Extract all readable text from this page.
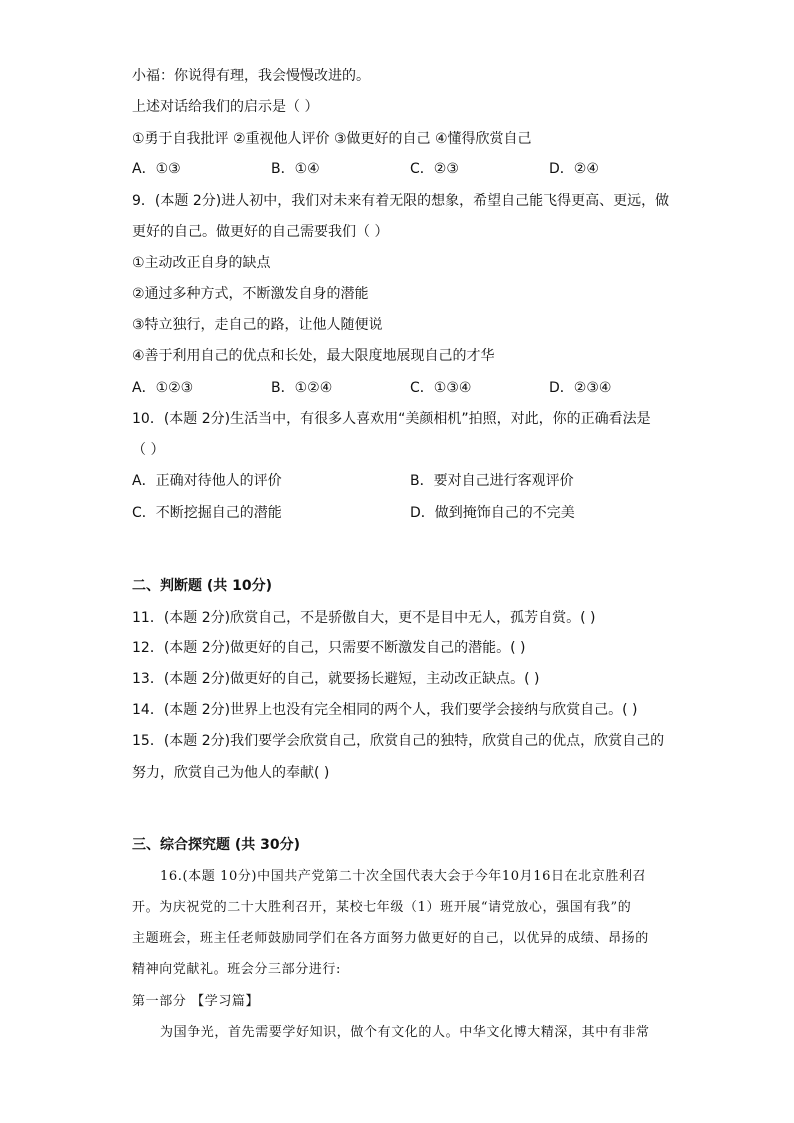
小福：你说得有理，我会慢慢改进的。
上述对话给我们的启示是（ ）
①勇于自我批评 ②重视他人评价 ③做更好的自己 ④懂得欣赏自己
A．①③	B．①④	C．②③	D．②④
9．(本题 2分)进人初中，我们对未来有着无限的想象，希望自己能飞得更高、更远，做
更好的自己。做更好的自己需要我们（ ）
①主动改正自身的缺点
②通过多种方式，不断激发自身的潜能
③特立独行，走自己的路，让他人随便说
④善于利用自己的优点和长处，最大限度地展现自己的才华
A．①②③	B．①②④	C．①③④	D．②③④
10．(本题 2分)生活当中，有很多人喜欢用“美颜相机”拍照，对此，你的正确看法是
（ ）
A．正确对待他人的评价	B．要对自己进行客观评价
C．不断挖掘自己的潜能	D．做到掩饰自己的不完美
二、判断题 (共 10分)
11．(本题 2分)欣赏自己，不是骄傲自大，更不是目中无人，孤芳自赏。( )
12．(本题 2分)做更好的自己，只需要不断激发自己的潜能。( )
13．(本题 2分)做更好的自己，就要扬长避短，主动改正缺点。( )
14．(本题 2分)世界上也没有完全相同的两个人，我们要学会接纳与欣赏自己。( )
15．(本题 2分)我们要学会欣赏自己，欣赏自己的独特，欣赏自己的优点，欣赏自己的
努力，欣赏自己为他人的奉献( )
三、综合探究题 (共 30分)
16.(本题 10分)中国共产党第二十次全国代表大会于今年10月16日在北京胜利召
开。为庆祝党的二十大胜利召开，某校七年级（1）班开展“请党放心，强国有我”的
主题班会，班主任老师鼓励同学们在各方面努力做更好的自己，以优异的成绩、昂扬的
精神向党献礼。班会分三部分进行:
第一部分 【学习篇】
为国争光，首先需要学好知识，做个有文化的人。中华文化博大精深，其中有非常
